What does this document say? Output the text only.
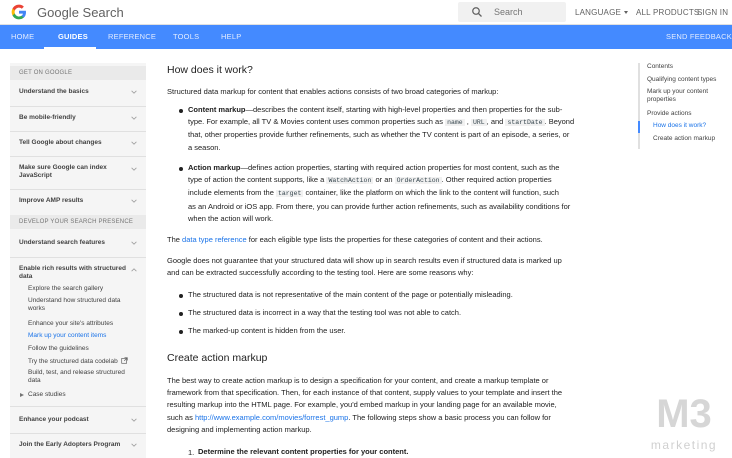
Google Search
Search	LANGUAGE	ALL PRODUCTS
SIGN IN
HOME	GUIDES	REFERENCE TOOLS	HELP	SEND FEEDBACK
GET ON GOOGLE
Understand the basics
Be mobile-friendly
Tell Google about changes
Make sure Google can index JavaScript
Improve AMP results
DEVELOP YOUR SEARCH PRESENCE
Understand search features
Enable rich results with structured data
Explore the search gallery
Understand how structured data works
Enhance your site's attributes
Mark up your content items
Follow the guidelines
Try the structured data codelab
Build, test, and release structured data
Case studies
Enhance your podcast
Join the Early Adopters Program
How does it work?
Structured data markup for content that enables actions consists of two broad categories of markup:
Content markup—describes the content itself, starting with high-level properties and then properties for the sub-
type. For example, all TV & Movies content uses common properties such as name , URL , and startDate . Beyond
that, other properties provide further refinements, such as whether the TV content is part of an episode, a series, or
a season.
Action markup—defines action properties, starting with required action properties for most content, such as the
type of action the content supports, like a WatchAction or an OrderAction . Other required action properties
include elements from the target container, like the platform on which the link to the content will function, such
as an Android or iOS app. From there, you can provide further action refinements, such as availability conditions for
when the action will work.
The data type reference for each eligible type lists the properties for these categories of content and their actions.
Google does not guarantee that your structured data will show up in search results even if structured data is marked up
and can be extracted successfully according to the testing tool. Here are some reasons why:
The structured data is not representative of the main content of the page or potentially misleading.
The structured data is incorrect in a way that the testing tool was not able to catch.
The marked-up content is hidden from the user.
Create action markup
The best way to create action markup is to design a specification for your content, and create a markup template or
framework from that specification. Then, for each instance of that content, supply values to your template and insert the
resulting markup into the HTML page. For example, you'd embed markup in your landing page for an available movie,
such as http://www.example.com/movies/forrest_gump. The following steps show a basic process you can follow for
designing and implementing action markup.
1. Determine the relevant content properties for your content.
Contents
Qualifying content types
Mark up your content properties
Provide actions
How does it work?
Create action markup
M3
marketing
